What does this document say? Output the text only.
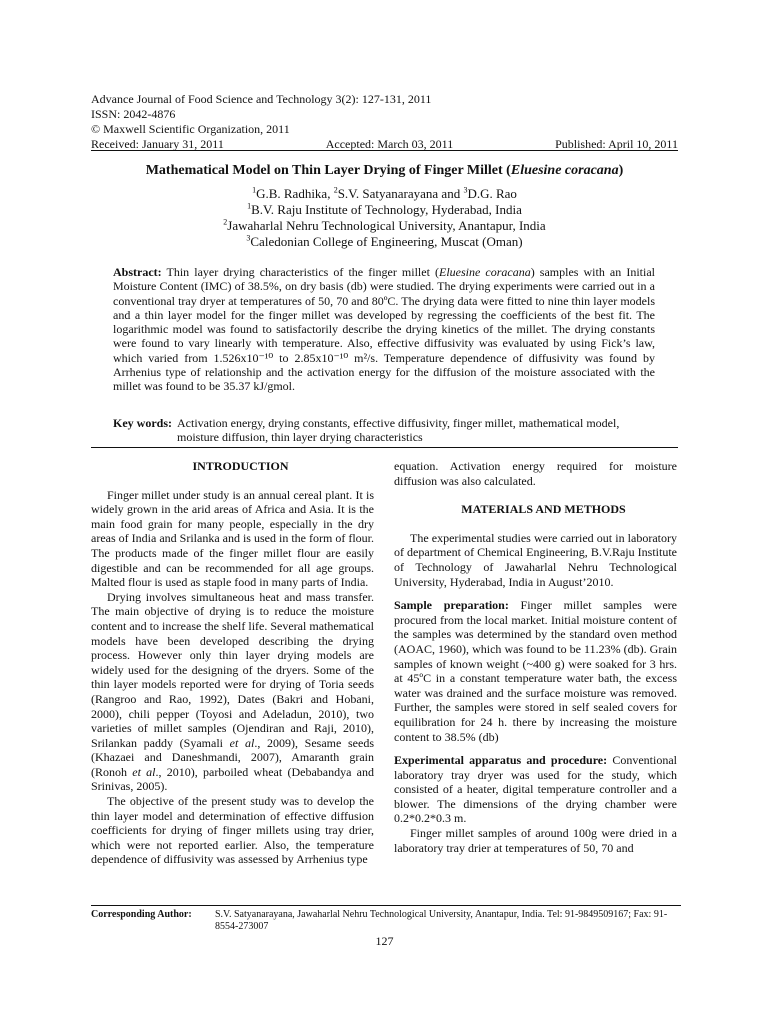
Advance Journal of Food Science and Technology 3(2): 127-131, 2011
ISSN: 2042-4876
© Maxwell Scientific Organization, 2011
Received: January 31, 2011	Accepted: March 03, 2011	Published: April 10, 2011
Mathematical Model on Thin Layer Drying of Finger Millet (Eluesine coracana)
$^1$G.B. Radhika, $^2$S.V. Satyanarayana and $^3$D.G. Rao
$^1$B.V. Raju Institute of Technology, Hyderabad, India
$^2$Jawaharlal Nehru Technological University, Anantapur, India
$^3$Caledonian College of Engineering, Muscat (Oman)
Abstract: Thin layer drying characteristics of the finger millet (Eluesine coracana) samples with an Initial Moisture Content (IMC) of 38.5%, on dry basis (db) were studied. The drying experiments were carried out in a conventional tray dryer at temperatures of 50, 70 and 80ºC. The drying data were fitted to nine thin layer models and a thin layer model for the finger millet was developed by regressing the coefficients of the best fit. The logarithmic model was found to satisfactorily describe the drying kinetics of the millet. The drying constants were found to vary linearly with temperature. Also, effective diffusivity was evaluated by using Fick’s law, which varied from 1.526x10⁻¹⁰ to 2.85x10⁻¹⁰ m²/s. Temperature dependence of diffusivity was found by Arrhenius type of relationship and the activation energy for the diffusion of the moisture associated with the millet was found to be 35.37 kJ/gmol.
Key words: Activation energy, drying constants, effective diffusivity, finger millet, mathematical model, moisture diffusion, thin layer drying characteristics

INTRODUCTION

Finger millet under study is an annual cereal plant. It is widely grown in the arid areas of Africa and Asia. It is the main food grain for many people, especially in the dry areas of India and Srilanka and is used in the form of flour. The products made of the finger millet flour are easily digestible and can be recommended for all age groups. Malted flour is used as staple food in many parts of India.

Drying involves simultaneous heat and mass transfer. The main objective of drying is to reduce the moisture content and to increase the shelf life. Several mathematical models have been developed describing the drying process. However only thin layer drying models are widely used for the designing of the dryers. Some of the thin layer models reported were for drying of Toria seeds (Rangroo and Rao, 1992), Dates (Bakri and Hobani, 2000), chili pepper (Toyosi and Adeladun, 2010), two varieties of millet samples (Ojendiran and Raji, 2010), Srilankan paddy (Syamali et al., 2009), Sesame seeds (Khazaei and Daneshmandi, 2007), Amaranth grain (Ronoh et al., 2010), parboiled wheat (Debabandya and Srinivas, 2005).

The objective of the present study was to develop the thin layer model and determination of effective diffusion coefficients for drying of finger millets using tray drier, which were not reported earlier. Also, the temperature dependence of diffusivity was assessed by Arrhenius type

equation. Activation energy required for moisture diffusion was also calculated.

MATERIALS AND METHODS

The experimental studies were carried out in laboratory of department of Chemical Engineering, B.V.Raju Institute of Technology of Jawaharlal Nehru Technological University, Hyderabad, India in August’2010.

Sample preparation: Finger millet samples were procured from the local market. Initial moisture content of the samples was determined by the standard oven method (AOAC, 1960), which was found to be 11.23% (db). Grain samples of known weight (~400 g) were soaked for 3 hrs. at 45ºC in a constant temperature water bath, the excess water was drained and the surface moisture was removed. Further, the samples were stored in self sealed covers for equilibration for 24 h. there by increasing the moisture content to 38.5% (db)

Experimental apparatus and procedure: Conventional laboratory tray dryer was used for the study, which consisted of a heater, digital temperature controller and a blower. The dimensions of the drying chamber were 0.2*0.2*0.3 m.

Finger millet samples of around 100g were dried in a laboratory tray drier at temperatures of 50, 70 and

Corresponding Author:	S.V. Satyanarayana, Jawaharlal Nehru Technological University, Anantapur, India. Tel: 91-9849509167; Fax: 91-8554-273007
127
